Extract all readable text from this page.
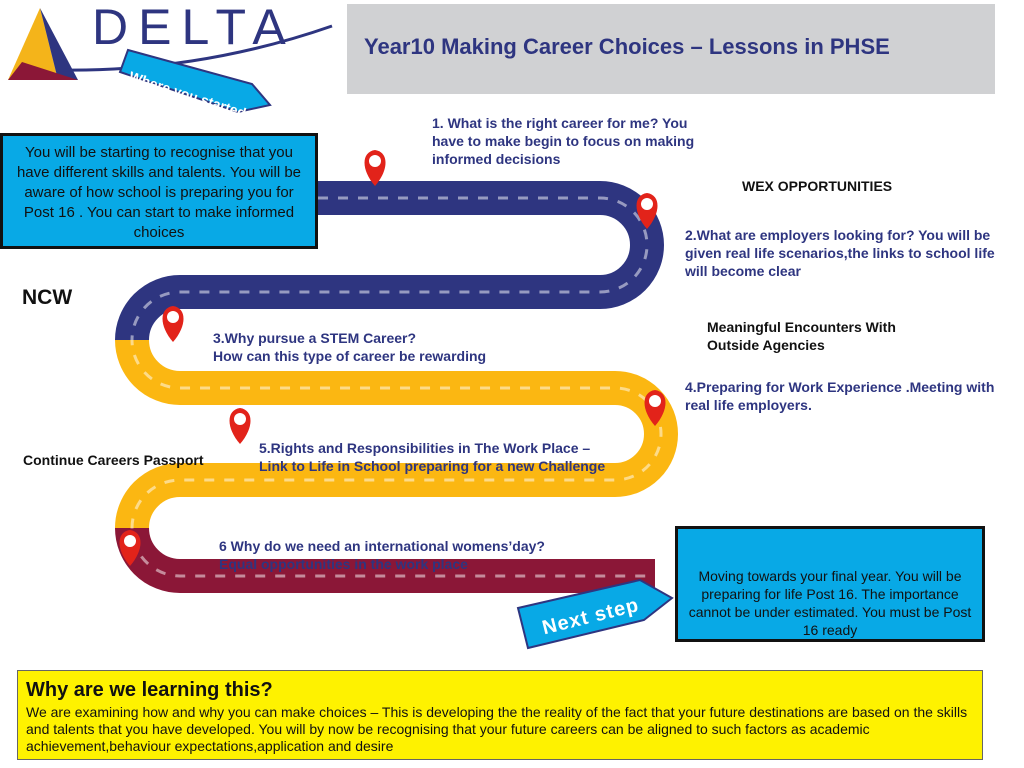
DELTA
Where you started
Year10 Making Career Choices – Lessons in PHSE
You will be starting to recognise that you have different skills and talents. You will be aware of how school is preparing you for Post 16 . You can start to make informed choices
1. What is the right career for me? You have to make begin to focus on making informed decisions
2.What are employers looking for? You will be given real life scenarios,the links to school life will become clear
3.Why pursue a STEM Career?
How can this type of career be rewarding
4.Preparing for Work Experience .Meeting with real life employers.
5.Rights and Responsibilities in The Work Place – Link to Life in School preparing for a new Challenge
6 Why do we need an international womens’day?
Equal opportunities in the work place
WEX OPPORTUNITIES
Meaningful Encounters With Outside Agencies
NCW
Continue Careers Passport
Moving towards your final year. You will be preparing for life Post 16. The importance cannot be under estimated. You must be Post 16 ready
Next step
Why are we learning this?
We are examining how and why you can make choices – This is developing the the reality of the fact that your future destinations are based on the skills and talents that you have developed. You will by now be recognising that your future careers can be aligned to such factors as academic achievement,behaviour expectations,application and desire
